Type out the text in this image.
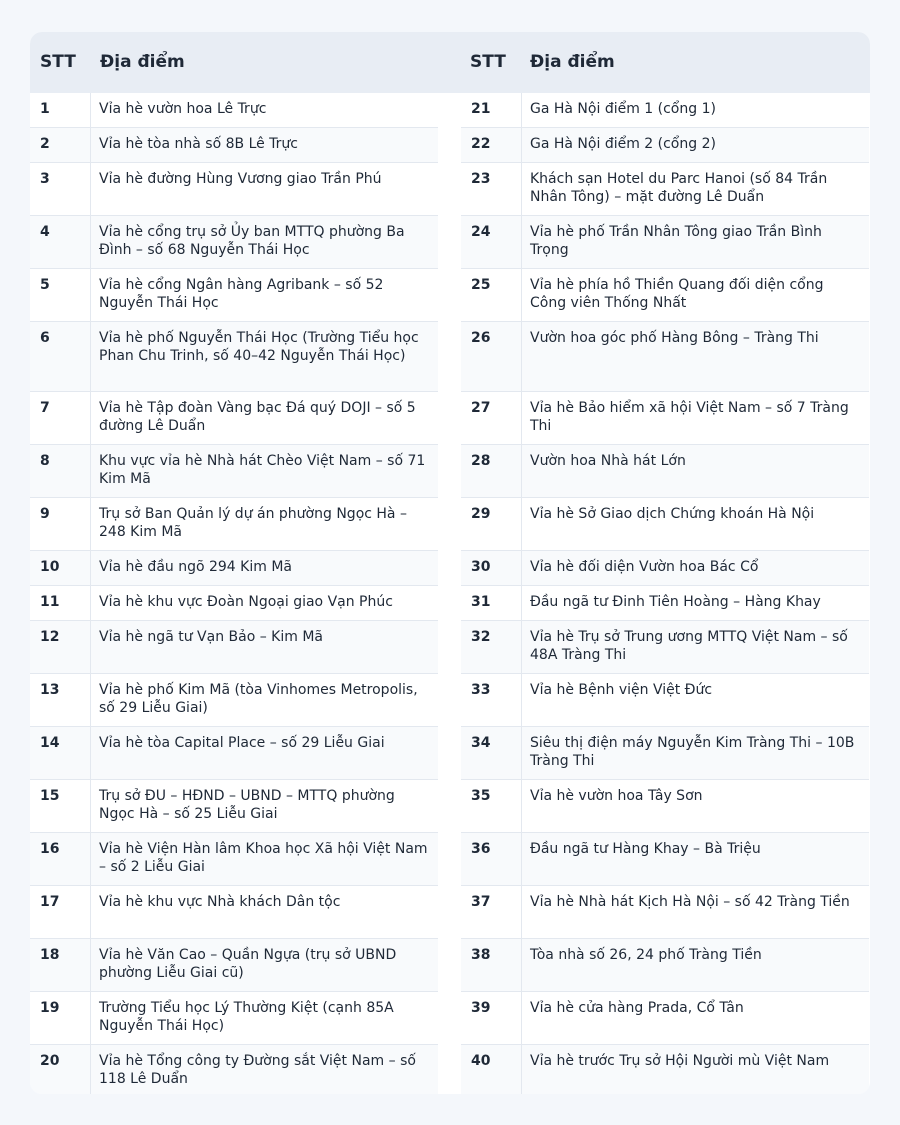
STT Địa điểm	STT Địa điểm
1	Vỉa hè vườn hoa Lê Trực
2	Vỉa hè tòa nhà số 8B Lê Trực
3	Vỉa hè đường Hùng Vương giao Trần Phú
4	Vỉa hè cổng trụ sở Ủy ban MTTQ phường Ba Đình – số 68 Nguyễn Thái Học
5	Vỉa hè cổng Ngân hàng Agribank – số 52 Nguyễn Thái Học
6	Vỉa hè phố Nguyễn Thái Học (Trường Tiểu học Phan Chu Trinh, số 40–42 Nguyễn Thái Học)
7	Vỉa hè Tập đoàn Vàng bạc Đá quý DOJI – số 5 đường Lê Duẩn
8	Khu vực vỉa hè Nhà hát Chèo Việt Nam – số 71 Kim Mã
9	Trụ sở Ban Quản lý dự án phường Ngọc Hà – 248 Kim Mã
10	Vỉa hè đầu ngõ 294 Kim Mã
11	Vỉa hè khu vực Đoàn Ngoại giao Vạn Phúc
12	Vỉa hè ngã tư Vạn Bảo – Kim Mã
13	Vỉa hè phố Kim Mã (tòa Vinhomes Metropolis, số 29 Liễu Giai)
14	Vỉa hè tòa Capital Place – số 29 Liễu Giai
15	Trụ sở ĐU – HĐND – UBND – MTTQ phường Ngọc Hà – số 25 Liễu Giai
16	Vỉa hè Viện Hàn lâm Khoa học Xã hội Việt Nam – số 2 Liễu Giai
17	Vỉa hè khu vực Nhà khách Dân tộc
18	Vỉa hè Văn Cao – Quần Ngựa (trụ sở UBND phường Liễu Giai cũ)
19	Trường Tiểu học Lý Thường Kiệt (cạnh 85A Nguyễn Thái Học)
20	Vỉa hè Tổng công ty Đường sắt Việt Nam – số 118 Lê Duẩn
21	Ga Hà Nội điểm 1 (cổng 1)
22	Ga Hà Nội điểm 2 (cổng 2)
23	Khách sạn Hotel du Parc Hanoi (số 84 Trần Nhân Tông) – mặt đường Lê Duẩn
24	Vỉa hè phố Trần Nhân Tông giao Trần Bình Trọng
25	Vỉa hè phía hồ Thiền Quang đối diện cổng Công viên Thống Nhất
26	Vườn hoa góc phố Hàng Bông – Tràng Thi
27	Vỉa hè Bảo hiểm xã hội Việt Nam – số 7 Tràng Thi
28	Vườn hoa Nhà hát Lớn
29	Vỉa hè Sở Giao dịch Chứng khoán Hà Nội
30	Vỉa hè đối diện Vườn hoa Bác Cổ
31	Đầu ngã tư Đinh Tiên Hoàng – Hàng Khay
32	Vỉa hè Trụ sở Trung ương MTTQ Việt Nam – số 48A Tràng Thi
33	Vỉa hè Bệnh viện Việt Đức
34	Siêu thị điện máy Nguyễn Kim Tràng Thi – 10B Tràng Thi
35	Vỉa hè vườn hoa Tây Sơn
36	Đầu ngã tư Hàng Khay – Bà Triệu
37	Vỉa hè Nhà hát Kịch Hà Nội – số 42 Tràng Tiền
38	Tòa nhà số 26, 24 phố Tràng Tiền
39	Vỉa hè cửa hàng Prada, Cổ Tân
40	Vỉa hè trước Trụ sở Hội Người mù Việt Nam
